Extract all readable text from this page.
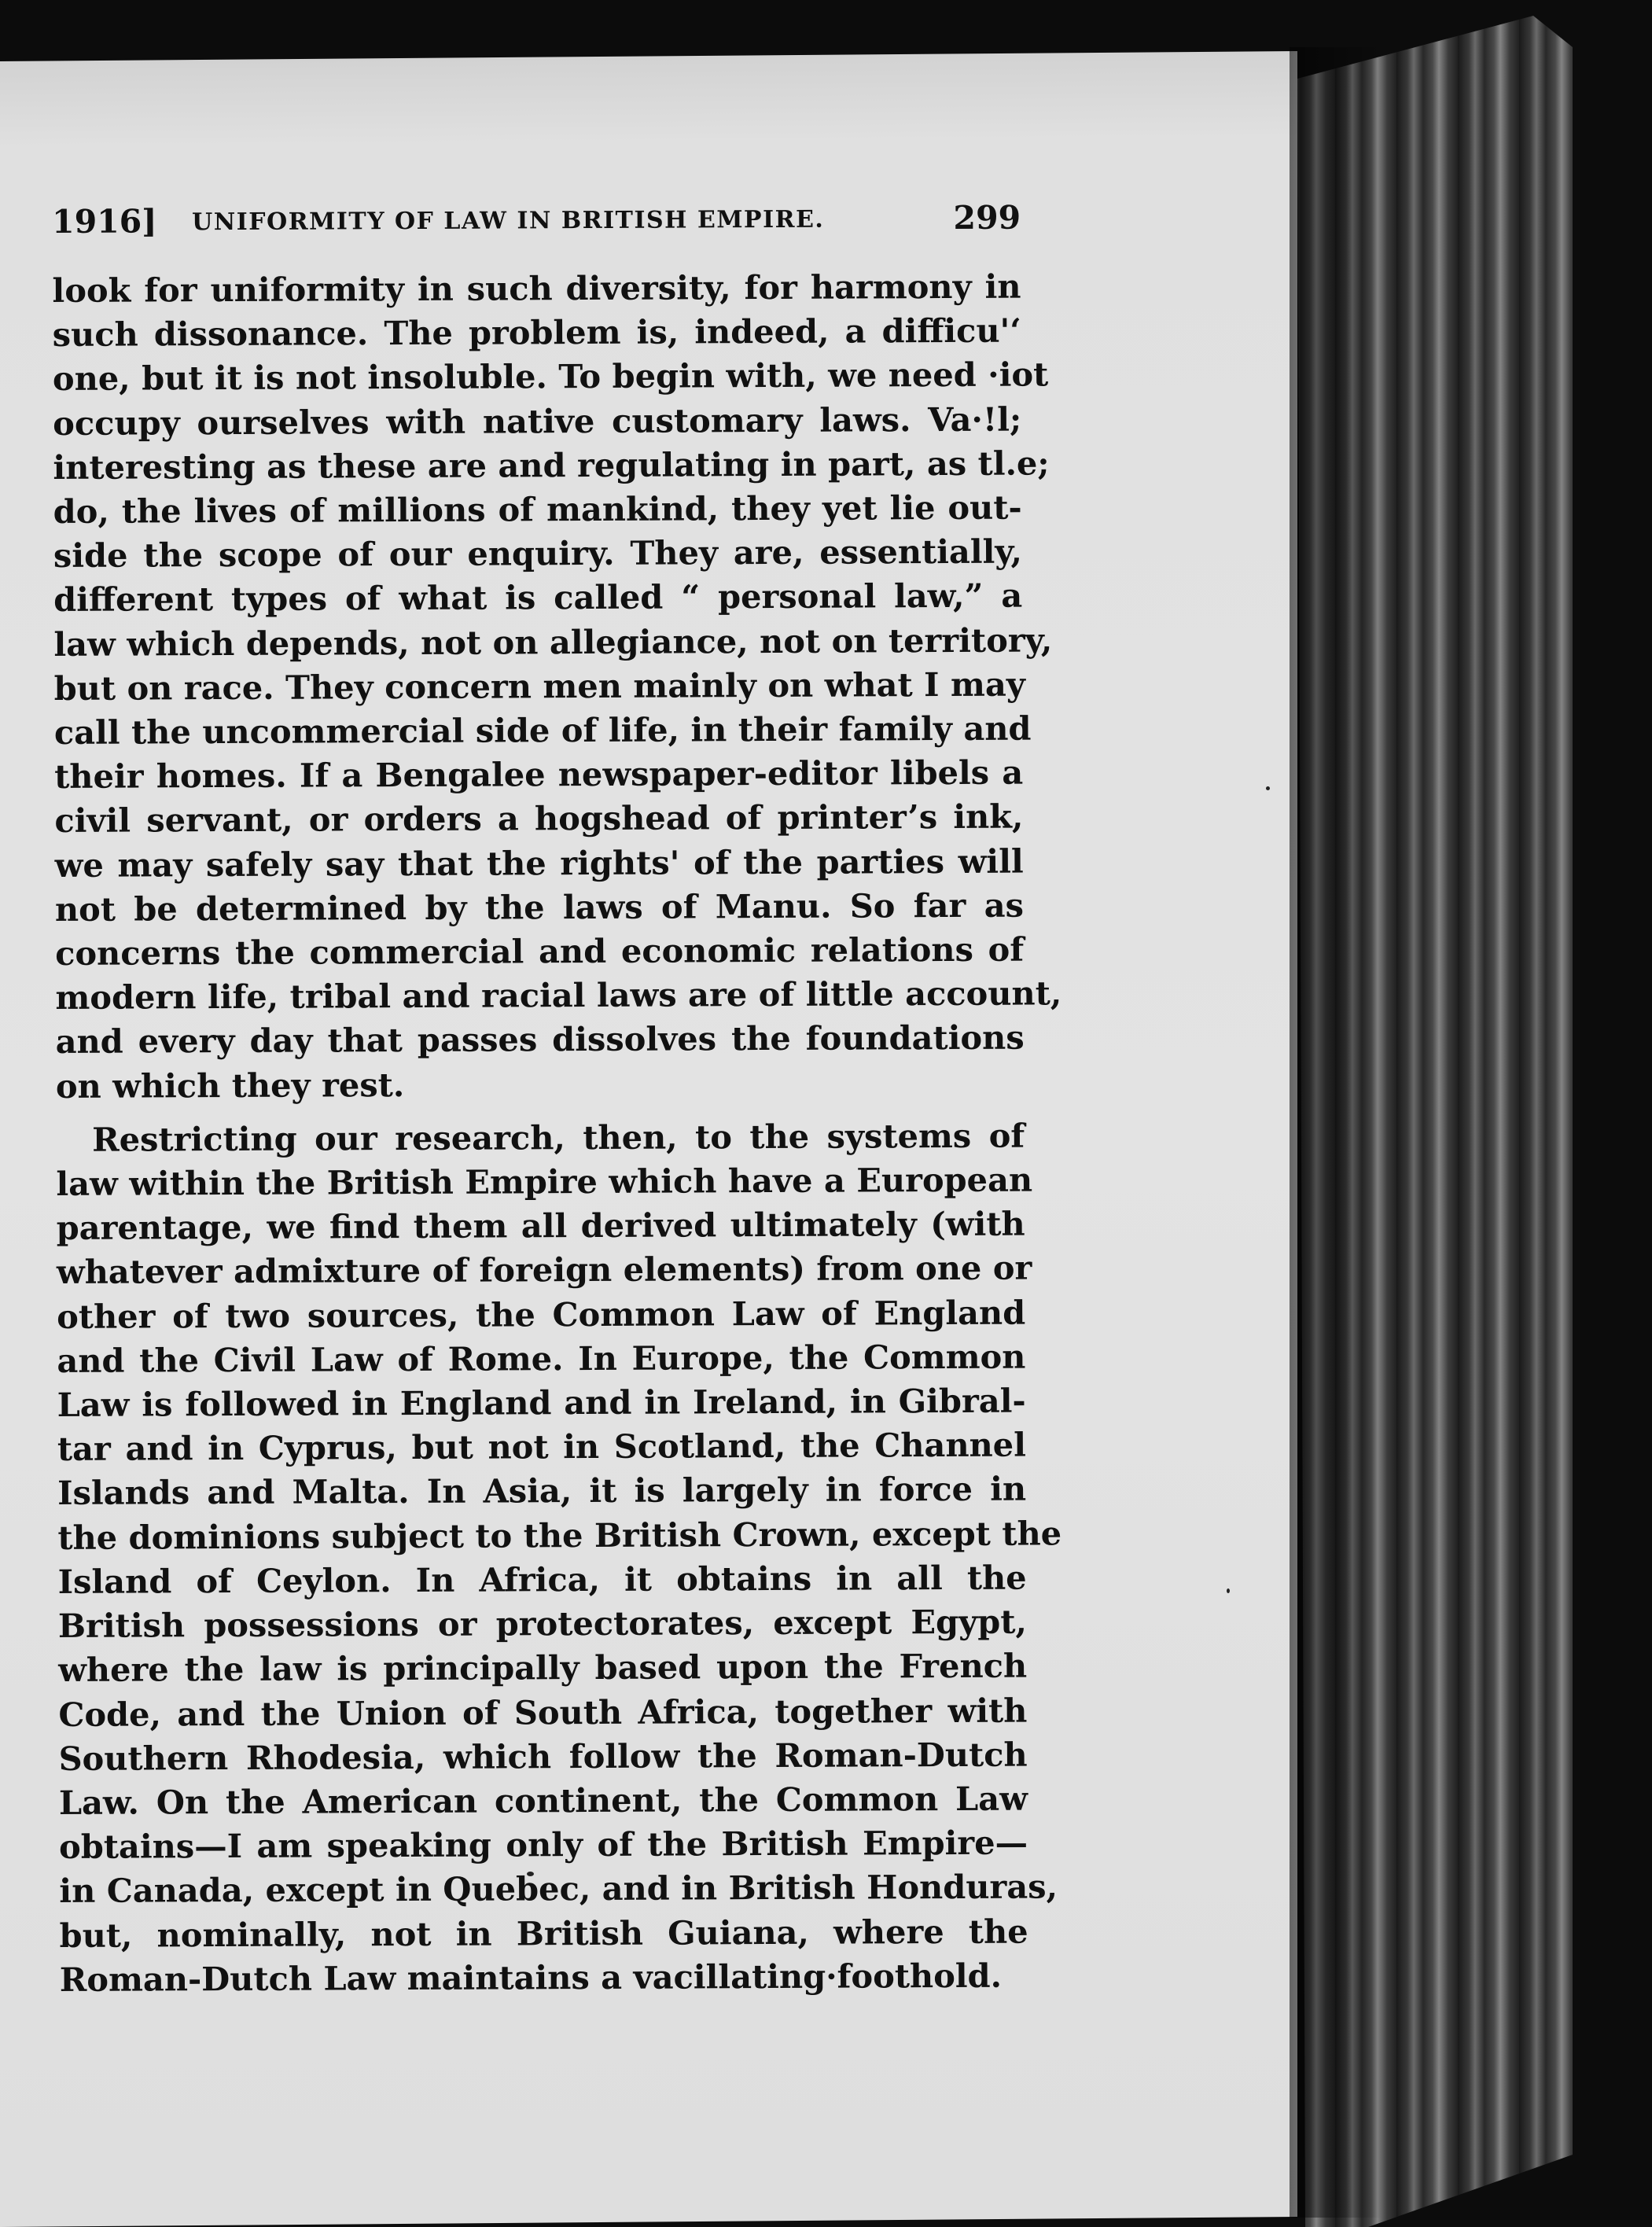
1916] UNIFORMITY OF LAW IN BRITISH EMPIRE.	299

look for uniformity in such diversity, for harmony in
such dissonance. The problem is, indeed, a difficu'‘
one, but it is not insoluble. To begin with, we need ·iot
occupy ourselves with native customary laws. Va·!l;
interesting as these are and regulating in part, as tl.e;
do, the lives of millions of mankind, they yet lie out-
side the scope of our enquiry. They are, essentially,
different types of what is called “ personal law,” a
law which depends, not on allegiance, not on territory,
but on race. They concern men mainly on what I may
call the uncommercial side of life, in their family and
their homes. If a Bengalee newspaper-editor libels a
civil servant, or orders a hogshead of printer’s ink,
we may safely say that the rights' of the parties will
not be determined by the laws of Manu. So far as
concerns the commercial and economic relations of
modern life, tribal and racial laws are of little account,
and every day that passes dissolves the foundations
on which they rest.

Restricting our research, then, to the systems of
law within the British Empire which have a European
parentage, we find them all derived ultimately (with
whatever admixture of foreign elements) from one or
other of two sources, the Common Law of England
and the Civil Law of Rome. In Europe, the Common
Law is followed in England and in Ireland, in Gibral-
tar and in Cyprus, but not in Scotland, the Channel
Islands and Malta. In Asia, it is largely in force in
the dominions subject to the British Crown, except the
Island of Ceylon. In Africa, it obtains in all the
British possessions or protectorates, except Egypt,
where the law is principally based upon the French
Code, and the Union of South Africa, together with
Southern Rhodesia, which follow the Roman-Dutch
Law. On the American continent, the Common Law
obtains—I am speaking only of the British Empire—
in Canada, except in Quebec, and in British Honduras,
but, nominally, not in British Guiana, where the
Roman-Dutch Law maintains a vacillating·foothold.
